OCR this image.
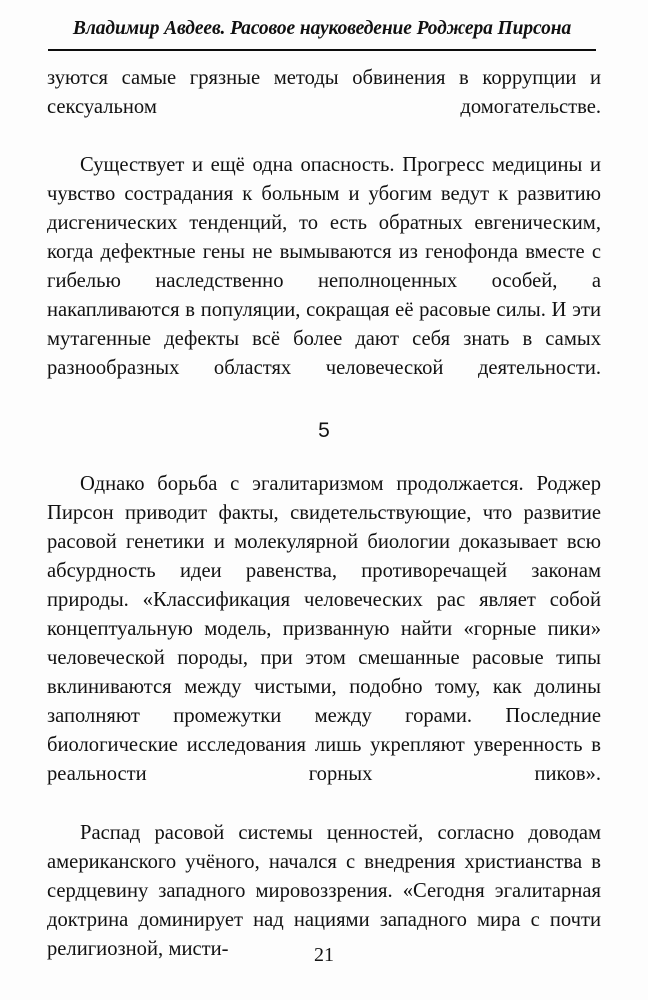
Владимир Авдеев. Расовое науковедение Роджера Пирсона

зуются самые грязные методы обвинения в коррупции и сексуальном домогательстве.

Существует и ещё одна опасность. Прогресс медицины и чувство сострадания к больным и убогим ведут к развитию дисгенических тенденций, то есть обратных евгеническим, когда дефектные гены не вымываются из генофонда вместе с гибелью наследственно неполноценных особей, а накапливаются в популяции, сокращая её расовые силы. И эти мутагенные дефекты всё более дают себя знать в самых разнообразных областях человеческой деятельности.

5

Однако борьба с эгалитаризмом продолжается. Роджер Пирсон приводит факты, свидетельствующие, что развитие расовой генетики и молекулярной биологии доказывает всю абсурдность идеи равенства, противоречащей законам природы. «Классификация человеческих рас являет собой концептуальную модель, призванную найти «горные пики» человеческой породы, при этом смешанные расовые типы вклиниваются между чистыми, подобно тому, как долины заполняют промежутки между горами. Последние биологические исследования лишь укрепляют уверенность в реальности горных пиков».

Распад расовой системы ценностей, согласно доводам американского учёного, начался с внедрения христианства в сердцевину западного мировоззрения. «Сегодня эгалитарная доктрина доминирует над нациями западного мира с почти религиозной, мисти-	21
